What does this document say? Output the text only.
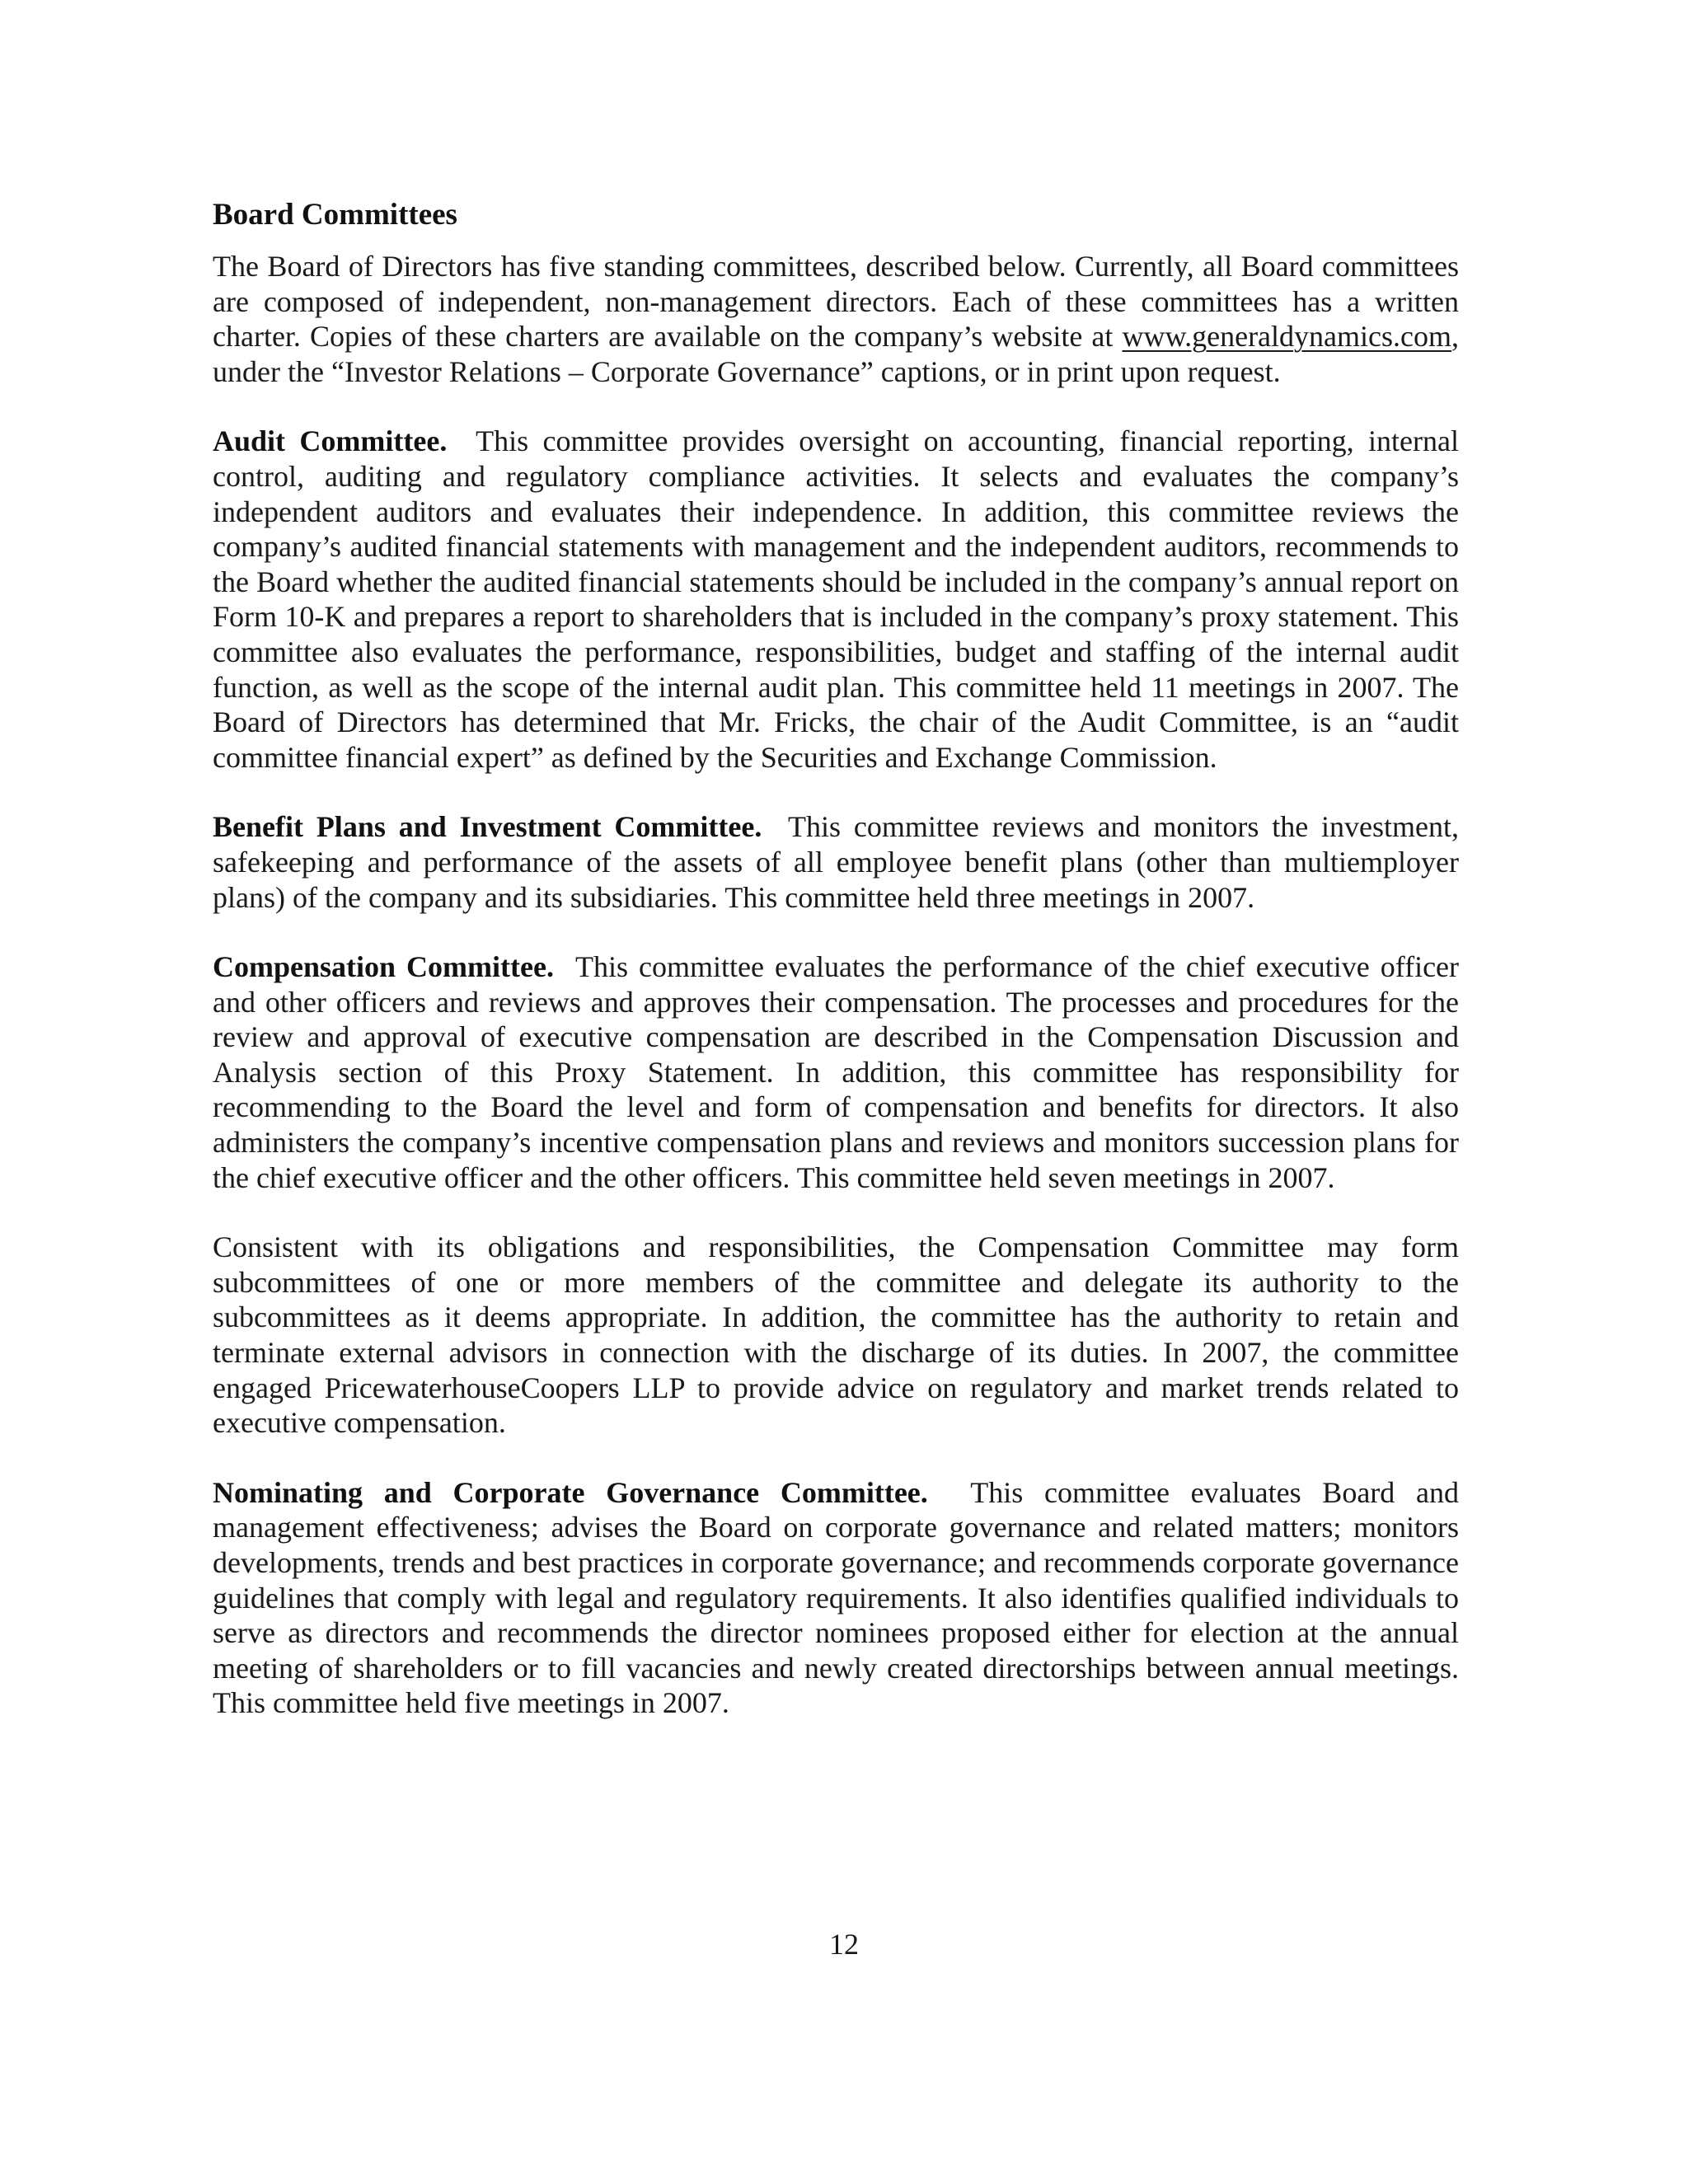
Board Committees

The Board of Directors has five standing committees, described below. Currently, all Board committees are composed of independent, non-management directors. Each of these committees has a written charter. Copies of these charters are available on the company’s website at www.generaldynamics.com, under the “Investor Relations – Corporate Governance” captions, or in print upon request.

Audit Committee. This committee provides oversight on accounting, financial reporting, internal control, auditing and regulatory compliance activities. It selects and evaluates the company’s independent auditors and evaluates their independence. In addition, this committee reviews the company’s audited financial statements with management and the independent auditors, recommends to the Board whether the audited financial statements should be included in the company’s annual report on Form 10-K and prepares a report to shareholders that is included in the company’s proxy statement. This committee also evaluates the performance, responsibilities, budget and staffing of the internal audit function, as well as the scope of the internal audit plan. This committee held 11 meetings in 2007. The Board of Directors has determined that Mr. Fricks, the chair of the Audit Committee, is an “audit committee financial expert” as defined by the Securities and Exchange Commission.

Benefit Plans and Investment Committee. This committee reviews and monitors the investment, safekeeping and performance of the assets of all employee benefit plans (other than multiemployer plans) of the company and its subsidiaries. This committee held three meetings in 2007.

Compensation Committee. This committee evaluates the performance of the chief executive officer and other officers and reviews and approves their compensation. The processes and procedures for the review and approval of executive compensation are described in the Compensation Discussion and Analysis section of this Proxy Statement. In addition, this committee has responsibility for recommending to the Board the level and form of compensation and benefits for directors. It also administers the company’s incentive compensation plans and reviews and monitors succession plans for the chief executive officer and the other officers. This committee held seven meetings in 2007.

Consistent with its obligations and responsibilities, the Compensation Committee may form subcommittees of one or more members of the committee and delegate its authority to the subcommittees as it deems appropriate. In addition, the committee has the authority to retain and terminate external advisors in connection with the discharge of its duties. In 2007, the committee engaged PricewaterhouseCoopers LLP to provide advice on regulatory and market trends related to executive compensation.

Nominating and Corporate Governance Committee. This committee evaluates Board and management effectiveness; advises the Board on corporate governance and related matters; monitors developments, trends and best practices in corporate governance; and recommends corporate governance guidelines that comply with legal and regulatory requirements. It also identifies qualified individuals to serve as directors and recommends the director nominees proposed either for election at the annual meeting of shareholders or to fill vacancies and newly created directorships between annual meetings. This committee held five meetings in 2007.

12
